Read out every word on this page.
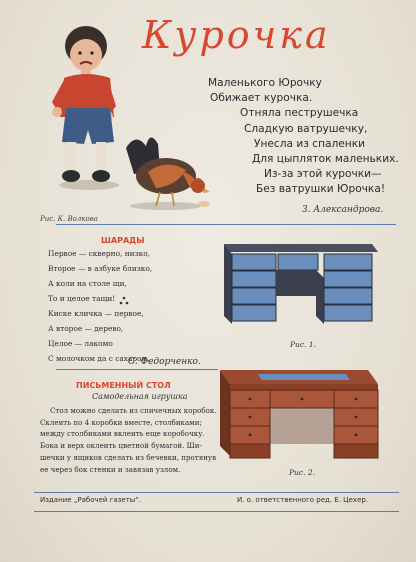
Курочка
Маленького Юрочку
Обижает курочка.
Отняла пеструшечка
Сладкую ватрушечку,
Унесла из спаленки
Для цыпляток маленьких.
Из-за этой курочки—
Без ватрушки Юрочка!
З. Александрова.
Рис. К. Волкова
ШАРАДЫ
Первое — скверно, низко,
Второе — в азбуке близко,
А коли на столе щи,
То и целое тащи!
Кискe кличка — первое,
А второе — дерево,
Целое — лакомо
С молочком да с сахаром.
С. Федорченко.
Рис. 1.
ПИСЬМЕННЫЙ СТОЛ
Самодельная игрушка
Стол можно сделать из спичечных коробок.
Склеить по 4 коробки вместе, столбиками;
между столбиками вклеить еще коробочку.
Бока и верх оклеить цветной бумагой. Ши-
шечки у ящиков сделать из бечевки, протянув
ее через бок стенки и завязав узлом.	Рис. 2.
Издание „Рабочей газеты“.	И. о. ответственного ред. Е. Цехер.
